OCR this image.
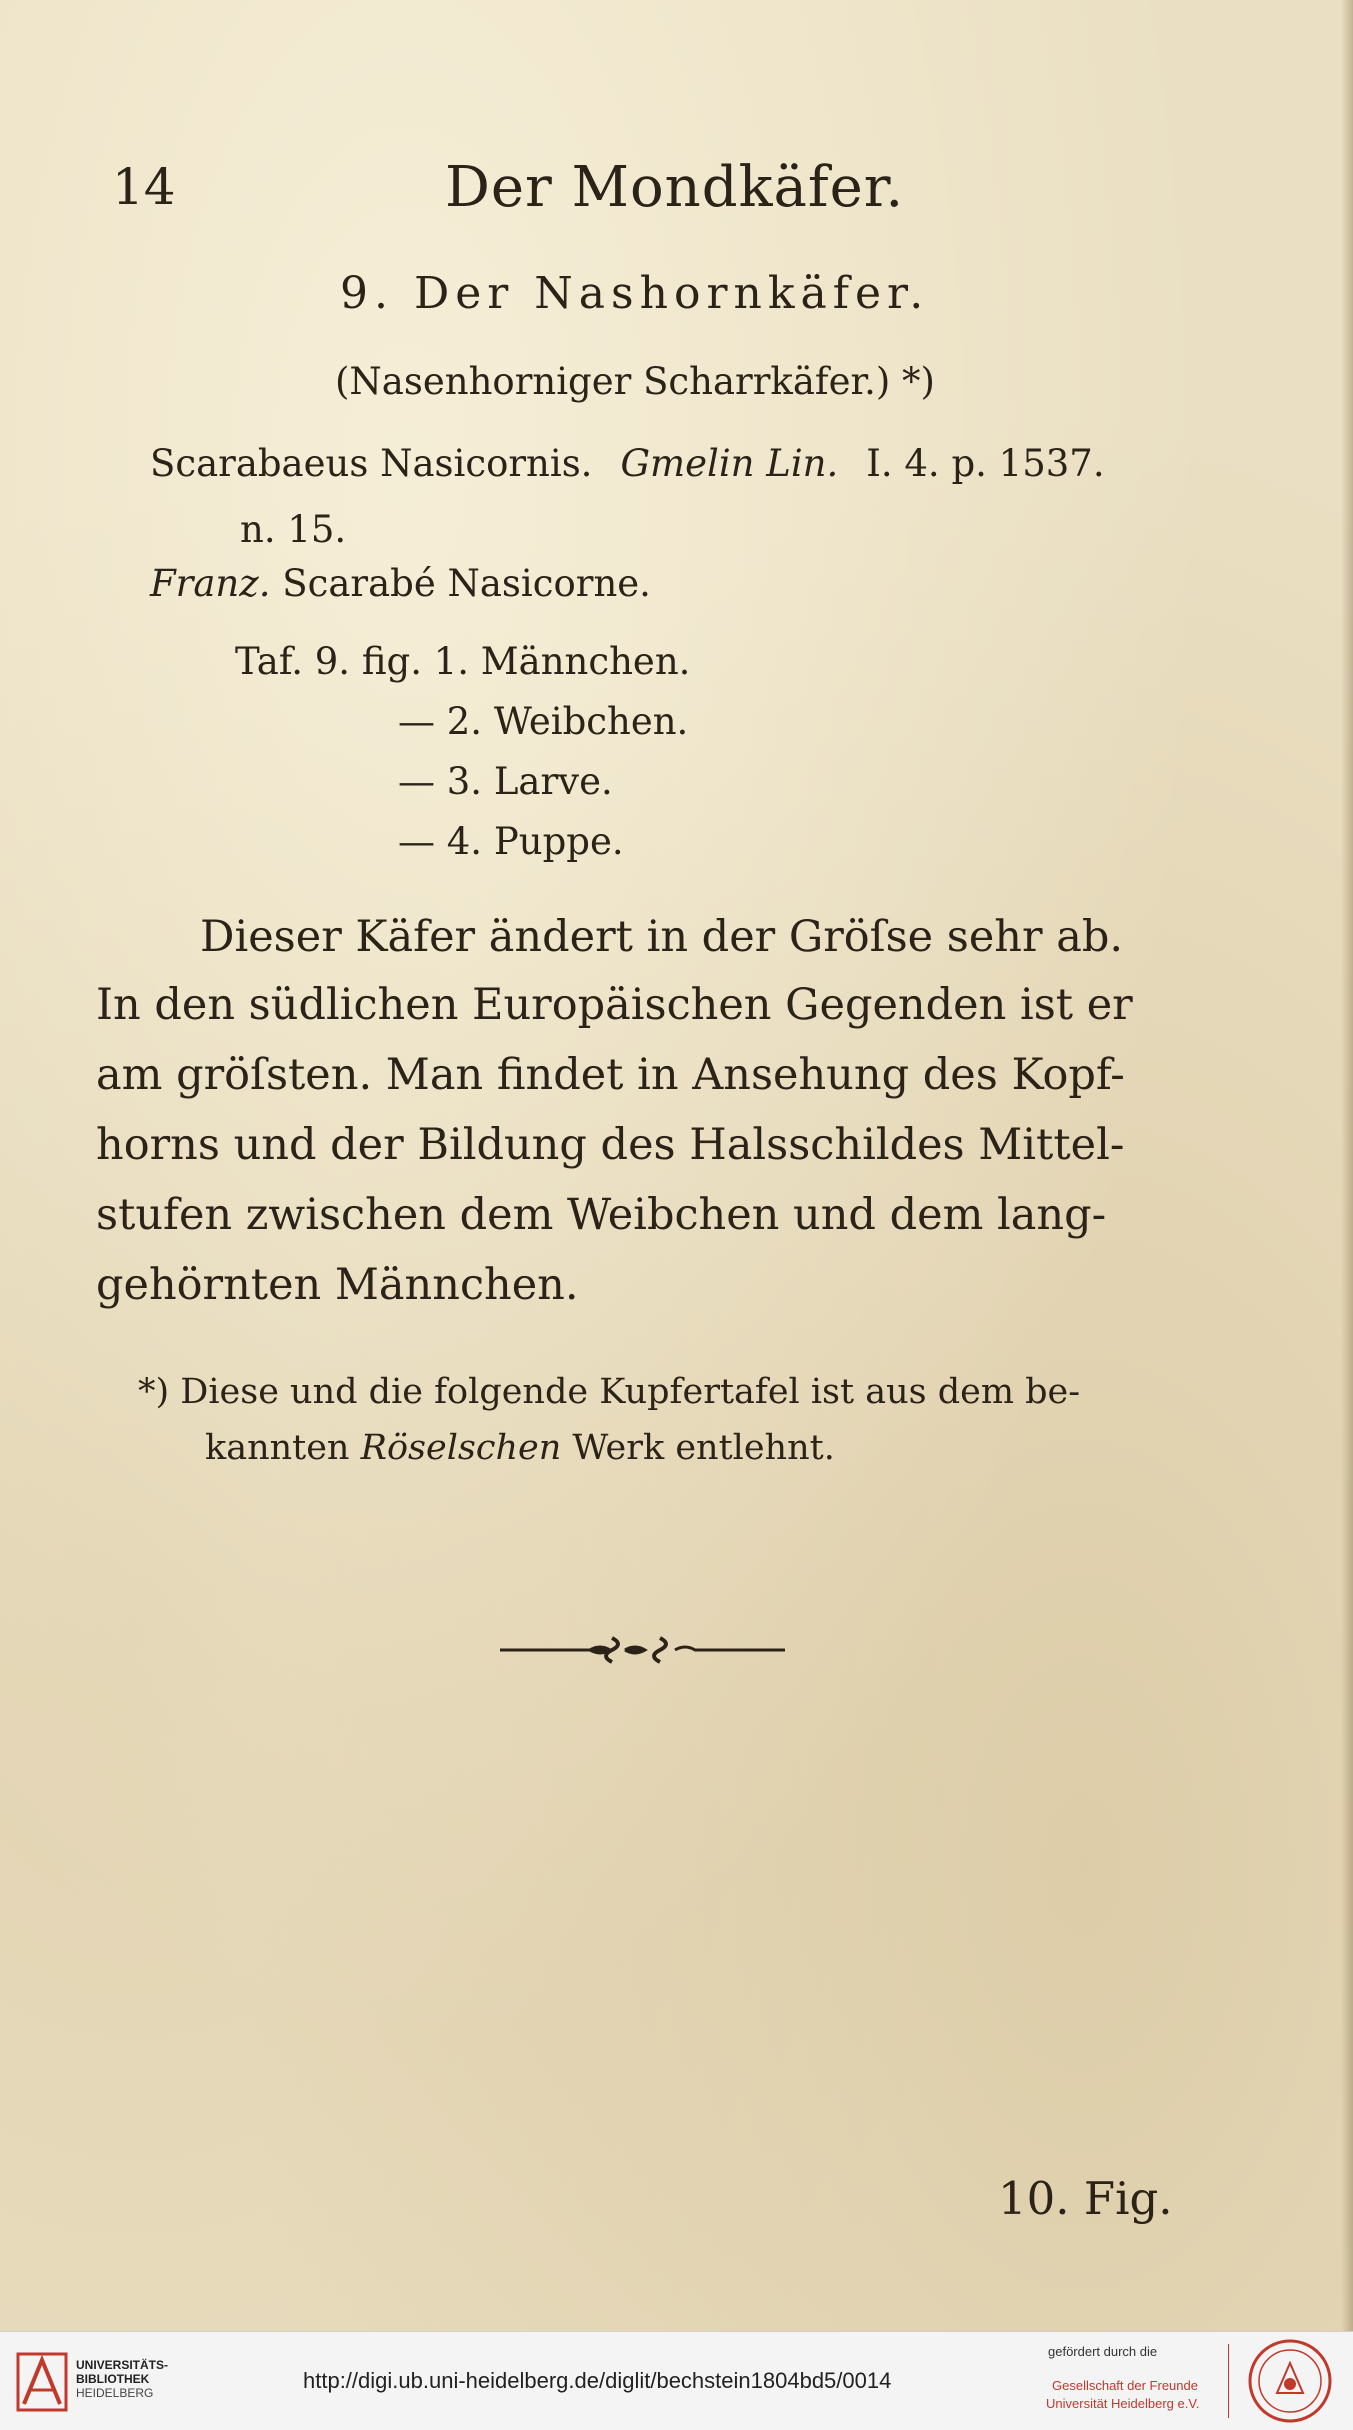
14	Der Mondkäfer.
9. Der Nashornkäfer.
(Nasenhorniger Scharrkäfer.) *)
Scarabaeus Nasicornis. Gmelin Lin. I. 4. p. 1537.
n. 15.
Franz. Scarabé Nasicorne.
Taf. 9. fig. 1. Männchen.
— 2. Weibchen.
— 3. Larve.
— 4. Puppe.
Dieser Käfer ändert in der Gröſse sehr ab.
In den südlichen Europäischen Gegenden ist er
am gröſsten. Man findet in Ansehung des Kopf-
horns und der Bildung des Halsschildes Mittel-
stufen zwischen dem Weibchen und dem lang-
gehörnten Männchen.
*) Diese und die folgende Kupfertafel ist aus dem be-
kannten Röselschen Werk entlehnt.
10. Fig.
UNIVERSITÄTS-
BIBLIOTHEK
HEIDELBERG	http://digi.ub.uni-heidelberg.de/diglit/bechstein1804bd5/0014
gefördert durch die
Gesellschaft der Freunde
Universität Heidelberg e.V.
